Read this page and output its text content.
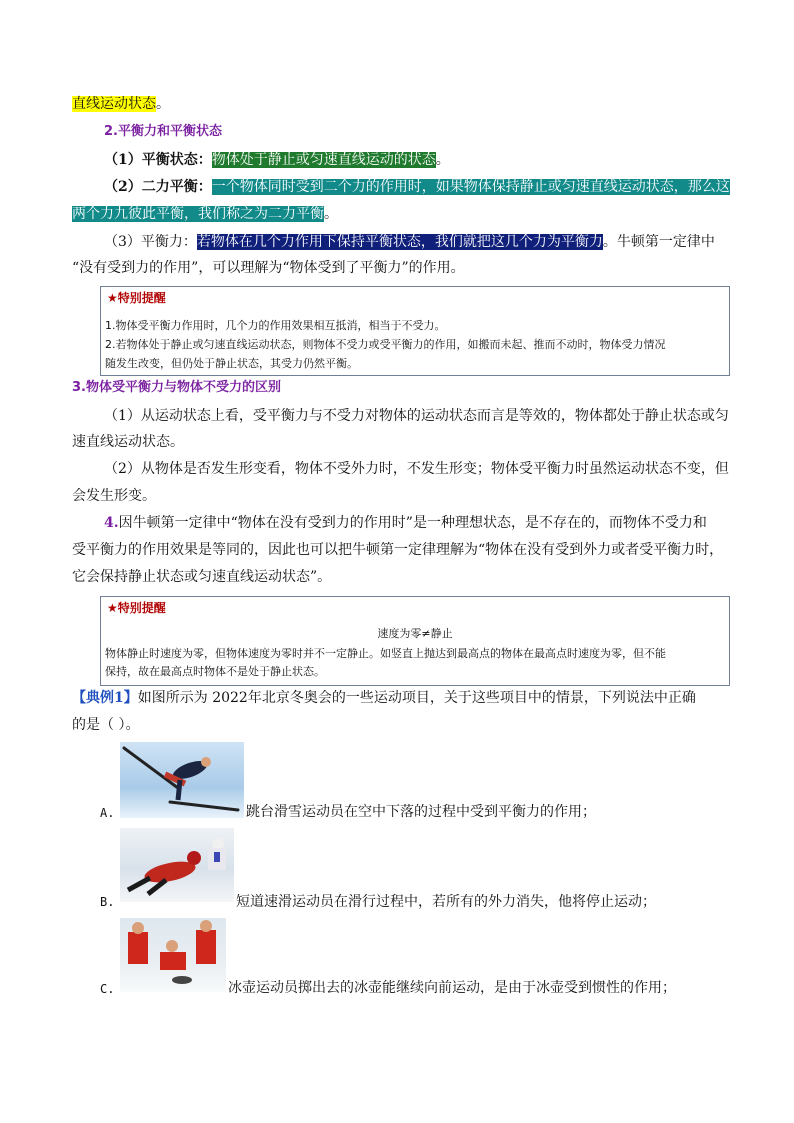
直线运动状态。
2.平衡力和平衡状态
（1）平衡状态：物体处于静止或匀速直线运动的状态。
（2）二力平衡：一个物体同时受到二个力的作用时，如果物体保持静止或匀速直线运动状态，那么这
两个力九彼此平衡，我们称之为二力平衡。
（3）平衡力：若物体在几个力作用下保持平衡状态，我们就把这几个力为平衡力。牛顿第一定律中
“没有受到力的作用”，可以理解为“物体受到了平衡力”的作用。
★特别提醒
1.物体受平衡力作用时，几个力的作用效果相互抵消，相当于不受力。
2.若物体处于静止或匀速直线运动状态，则物体不受力或受平衡力的作用，如搬而未起、推而不动时，物体受力情况
随发生改变，但仍处于静止状态，其受力仍然平衡。
3.物体受平衡力与物体不受力的区别
（1）从运动状态上看，受平衡力与不受力对物体的运动状态而言是等效的，物体都处于静止状态或匀
速直线运动状态。
（2）从物体是否发生形变看，物体不受外力时，不发生形变；物体受平衡力时虽然运动状态不变，但
会发生形变。
4.因牛顿第一定律中“物体在没有受到力的作用时”是一种理想状态，是不存在的，而物体不受力和
受平衡力的作用效果是等同的，因此也可以把牛顿第一定律理解为“物体在没有受到外力或者受平衡力时，
它会保持静止状态或匀速直线运动状态”。
★特别提醒
速度为零≠静止
物体静止时速度为零，但物体速度为零时并不一定静止。如竖直上抛达到最高点的物体在最高点时速度为零，但不能
保持，故在最高点时物体不是处于静止状态。
【典例1】如图所示为 2022年北京冬奥会的一些运动项目，关于这些项目中的情景，下列说法中正确
的是（ ）。
A.	跳台滑雪运动员在空中下落的过程中受到平衡力的作用；
B.	短道速滑运动员在滑行过程中，若所有的外力消失，他将停止运动；
C.	冰壶运动员掷出去的冰壶能继续向前运动，是由于冰壶受到惯性的作用；
